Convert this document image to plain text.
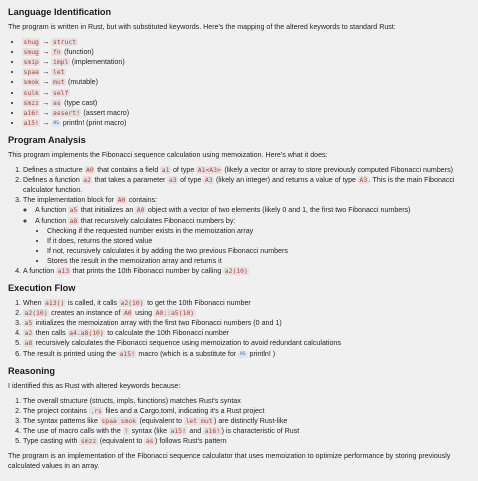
Language Identification

The program is written in Rust, but with substituted keywords. Here's the mapping of the altered keywords to standard Rust:

• shug → struct
• smug → fn (function)
• smip → impl (implementation)
• spaa → let
• smok → mut (mutable)
• sulk → self
• smzz → as (type cast)
• a16! → assert! (assert macro)
• a15! → RS println! (print macro)
Program Analysis

This program implements the Fibonacci sequence calculation using memoization. Here's what it does:

1. Defines a structure A0 that contains a field a1 of type A1<A3> (likely a vector or array to store previously computed Fibonacci numbers)
2. Defines a function a2 that takes a parameter a3 of type A3 (likely an integer) and returns a value of type A3 . This is the main Fibonacci calculator function.
3. The implementation block for A0 contains:
◦ A function a5 that initializes an A0 object with a vector of two elements (likely 0 and 1, the first two Fibonacci numbers)
◦ A function a8 that recursively calculates Fibonacci numbers by:
• Checking if the requested number exists in the memoization array
• If it does, returns the stored value
• If not, recursively calculates it by adding the two previous Fibonacci numbers
• Stores the result in the memoization array and returns it
4. A function a13 that prints the 10th Fibonacci number by calling a2(10)
Execution Flow
1. When a13() is called, it calls a2(10) to get the 10th Fibonacci number
2. a2(10) creates an instance of A0 using A0::a5(10)
3. a5 initializes the memoization array with the first two Fibonacci numbers (0 and 1)
4. a2 then calls a4.a8(10) to calculate the 10th Fibonacci number
5. a8 recursively calculates the Fibonacci sequence using memoization to avoid redundant calculations
6. The result is printed using the a15! macro (which is a substitute for RS println! )
Reasoning

I identified this as Rust with altered keywords because:

1. The overall structure (structs, impls, functions) matches Rust's syntax
2. The project contains .rs files and a Cargo.toml, indicating it's a Rust project
3. The syntax patterns like spaa smok (equivalent to let mut ) are distinctly Rust-like
4. The use of macro calls with the ! syntax (like a15! and a16! ) is characteristic of Rust
5. Type casting with smzz (equivalent to as ) follows Rust's pattern

The program is an implementation of the Fibonacci sequence calculator that uses memoization to optimize performance by storing previously calculated values in an array.
